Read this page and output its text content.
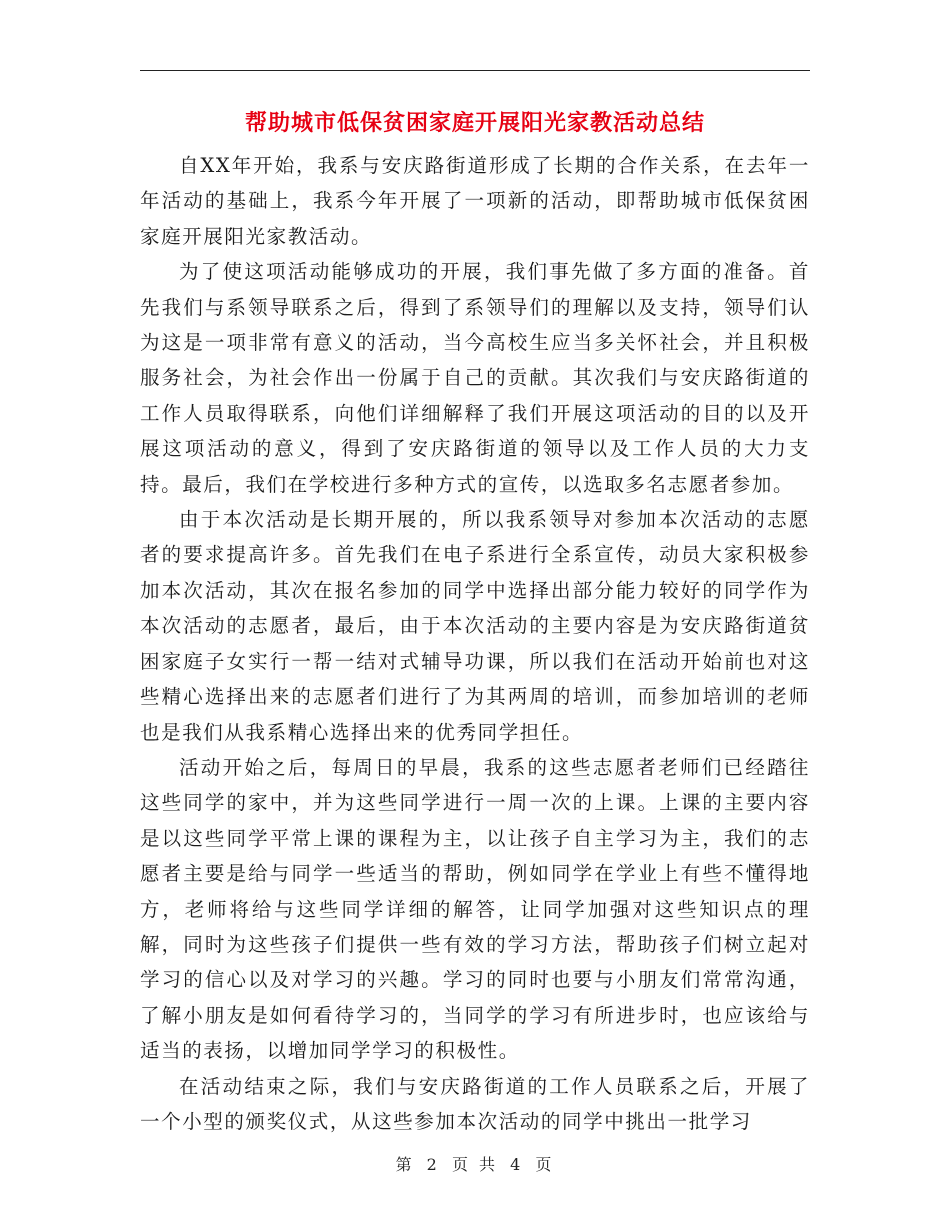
帮助城市低保贫困家庭开展阳光家教活动总结

自XX年开始，我系与安庆路街道形成了长期的合作关系，在去年一年活动的基础上，我系今年开展了一项新的活动，即帮助城市低保贫困家庭开展阳光家教活动。

为了使这项活动能够成功的开展，我们事先做了多方面的准备。首先我们与系领导联系之后，得到了系领导们的理解以及支持，领导们认为这是一项非常有意义的活动，当今高校生应当多关怀社会，并且积极服务社会，为社会作出一份属于自己的贡献。其次我们与安庆路街道的工作人员取得联系，向他们详细解释了我们开展这项活动的目的以及开展这项活动的意义，得到了安庆路街道的领导以及工作人员的大力支持。最后，我们在学校进行多种方式的宣传，以选取多名志愿者参加。

由于本次活动是长期开展的，所以我系领导对参加本次活动的志愿者的要求提高许多。首先我们在电子系进行全系宣传，动员大家积极参加本次活动，其次在报名参加的同学中选择出部分能力较好的同学作为本次活动的志愿者，最后，由于本次活动的主要内容是为安庆路街道贫困家庭子女实行一帮一结对式辅导功课，所以我们在活动开始前也对这些精心选择出来的志愿者们进行了为其两周的培训，而参加培训的老师也是我们从我系精心选择出来的优秀同学担任。

活动开始之后，每周日的早晨，我系的这些志愿者老师们已经踏往这些同学的家中，并为这些同学进行一周一次的上课。上课的主要内容是以这些同学平常上课的课程为主，以让孩子自主学习为主，我们的志愿者主要是给与同学一些适当的帮助，例如同学在学业上有些不懂得地方，老师将给与这些同学详细的解答，让同学加强对这些知识点的理解，同时为这些孩子们提供一些有效的学习方法，帮助孩子们树立起对学习的信心以及对学习的兴趣。学习的同时也要与小朋友们常常沟通，了解小朋友是如何看待学习的，当同学的学习有所进步时，也应该给与适当的表扬，以增加同学学习的积极性。

在活动结束之际，我们与安庆路街道的工作人员联系之后，开展了一个小型的颁奖仪式，从这些参加本次活动的同学中挑出一批学习

第 2 页 共 4 页
